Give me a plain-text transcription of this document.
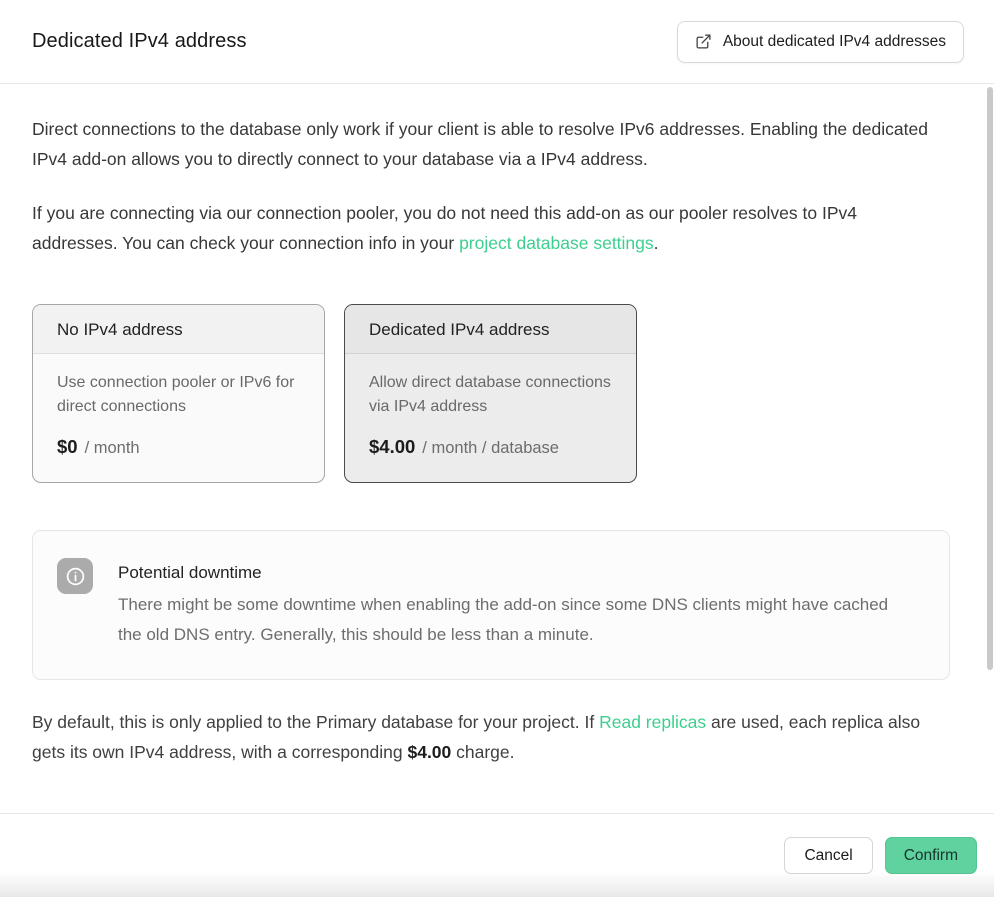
Dedicated IPv4 address	About dedicated IPv4 addresses

Direct connections to the database only work if your client is able to resolve IPv6 addresses. Enabling the dedicated IPv4 add-on allows you to directly connect to your database via a IPv4 address.

If you are connecting via our connection pooler, you do not need this add-on as our pooler resolves to IPv4 addresses. You can check your connection info in your project database settings.

No IPv4 address
Use connection pooler or IPv6 for direct connections
$0 / month
Dedicated IPv4 address
Allow direct database connections via IPv4 address
$4.00 / month / database
Potential downtime
There might be some downtime when enabling the add-on since some DNS clients might have cached the old DNS entry. Generally, this should be less than a minute.

By default, this is only applied to the Primary database for your project. If Read replicas are used, each replica also gets its own IPv4 address, with a corresponding $4.00 charge.

Cancel	Confirm
